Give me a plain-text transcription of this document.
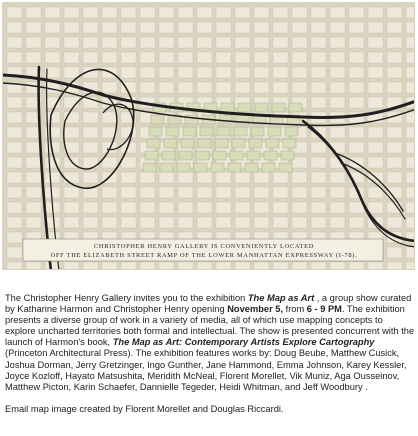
CHRISTOPHER HENRY GALLERY IS CONVENIENTLY LOCATED
OFF THE ELIZABETH STREET RAMP OF THE LOWER MANHATTAN EXPRESSWAY (I-78).

The Christopher Henry Gallery invites you to the exhibition The Map as Art , a group show curated by Katharine Harmon and Christopher Henry opening November 5, from 6 - 9 PM. The exhibition presents a diverse group of work in a variety of media, all of which use mapping concepts to explore uncharted territories both formal and intellectual. The show is presented concurrent with the launch of Harmon's book, The Map as Art: Contemporary Artists Explore Cartography (Princeton Architectural Press). The exhibition features works by: Doug Beube, Matthew Cusick, Joshua Dorman, Jerry Gretzinger, Ingo Gunther, Jane Hammond, Emma Johnson, Karey Kessler, Joyce Kozloff, Hayato Matsushita, Meridith McNeal, Florent Morellet, Vik Muniz, Aga Ousseinov, Matthew Picton, Karin Schaefer, Dannielle Tegeder, Heidi Whitman, and Jeff Woodbury .

Email map image created by Florent Morellet and Douglas Riccardi.
